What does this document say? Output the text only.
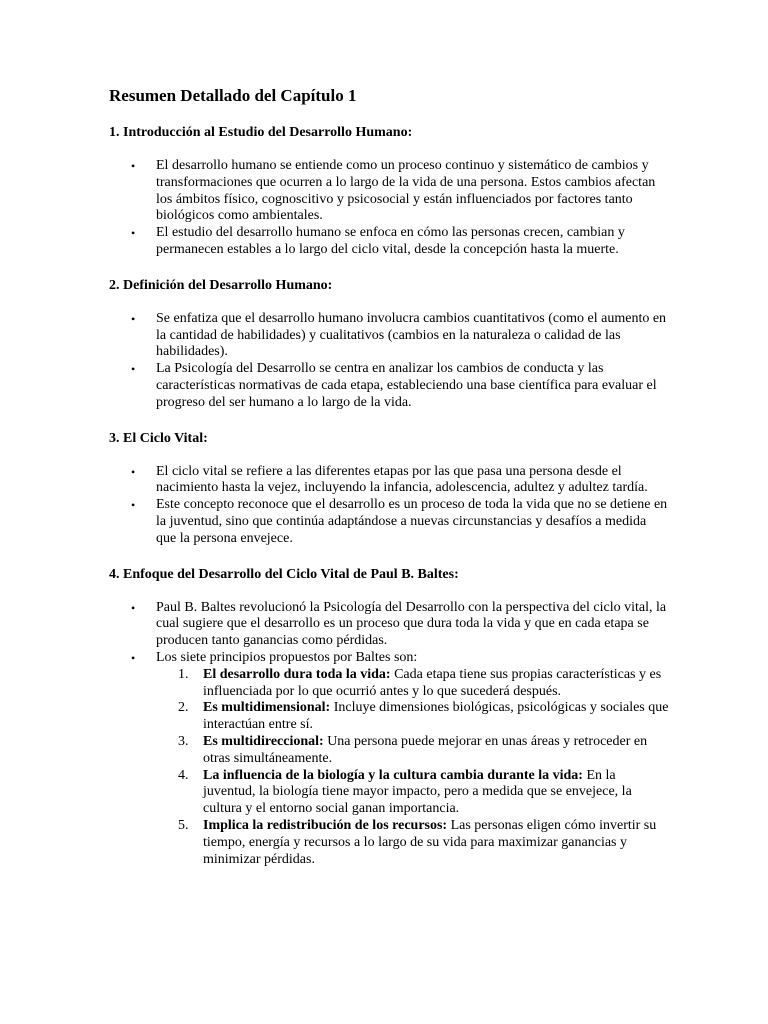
Resumen Detallado del Capítulo 1
1. Introducción al Estudio del Desarrollo Humano:
• El desarrollo humano se entiende como un proceso continuo y sistemático de cambios y transformaciones que ocurren a lo largo de la vida de una persona. Estos cambios afectan los ámbitos físico, cognoscitivo y psicosocial y están influenciados por factores tanto biológicos como ambientales.
• El estudio del desarrollo humano se enfoca en cómo las personas crecen, cambian y permanecen estables a lo largo del ciclo vital, desde la concepción hasta la muerte.
2. Definición del Desarrollo Humano:
• Se enfatiza que el desarrollo humano involucra cambios cuantitativos (como el aumento en la cantidad de habilidades) y cualitativos (cambios en la naturaleza o calidad de las habilidades).
• La Psicología del Desarrollo se centra en analizar los cambios de conducta y las características normativas de cada etapa, estableciendo una base científica para evaluar el progreso del ser humano a lo largo de la vida.
3. El Ciclo Vital:
• El ciclo vital se refiere a las diferentes etapas por las que pasa una persona desde el nacimiento hasta la vejez, incluyendo la infancia, adolescencia, adultez y adultez tardía.
• Este concepto reconoce que el desarrollo es un proceso de toda la vida que no se detiene en la juventud, sino que continúa adaptándose a nuevas circunstancias y desafíos a medida que la persona envejece.
4. Enfoque del Desarrollo del Ciclo Vital de Paul B. Baltes:
• Paul B. Baltes revolucionó la Psicología del Desarrollo con la perspectiva del ciclo vital, la cual sugiere que el desarrollo es un proceso que dura toda la vida y que en cada etapa se producen tanto ganancias como pérdidas.
• Los siete principios propuestos por Baltes son:
1. El desarrollo dura toda la vida: Cada etapa tiene sus propias características y es influenciada por lo que ocurrió antes y lo que sucederá después.
2. Es multidimensional: Incluye dimensiones biológicas, psicológicas y sociales que interactúan entre sí.
3. Es multidireccional: Una persona puede mejorar en unas áreas y retroceder en otras simultáneamente.
4. La influencia de la biología y la cultura cambia durante la vida: En la juventud, la biología tiene mayor impacto, pero a medida que se envejece, la cultura y el entorno social ganan importancia.
5. Implica la redistribución de los recursos: Las personas eligen cómo invertir su tiempo, energía y recursos a lo largo de su vida para maximizar ganancias y minimizar pérdidas.
